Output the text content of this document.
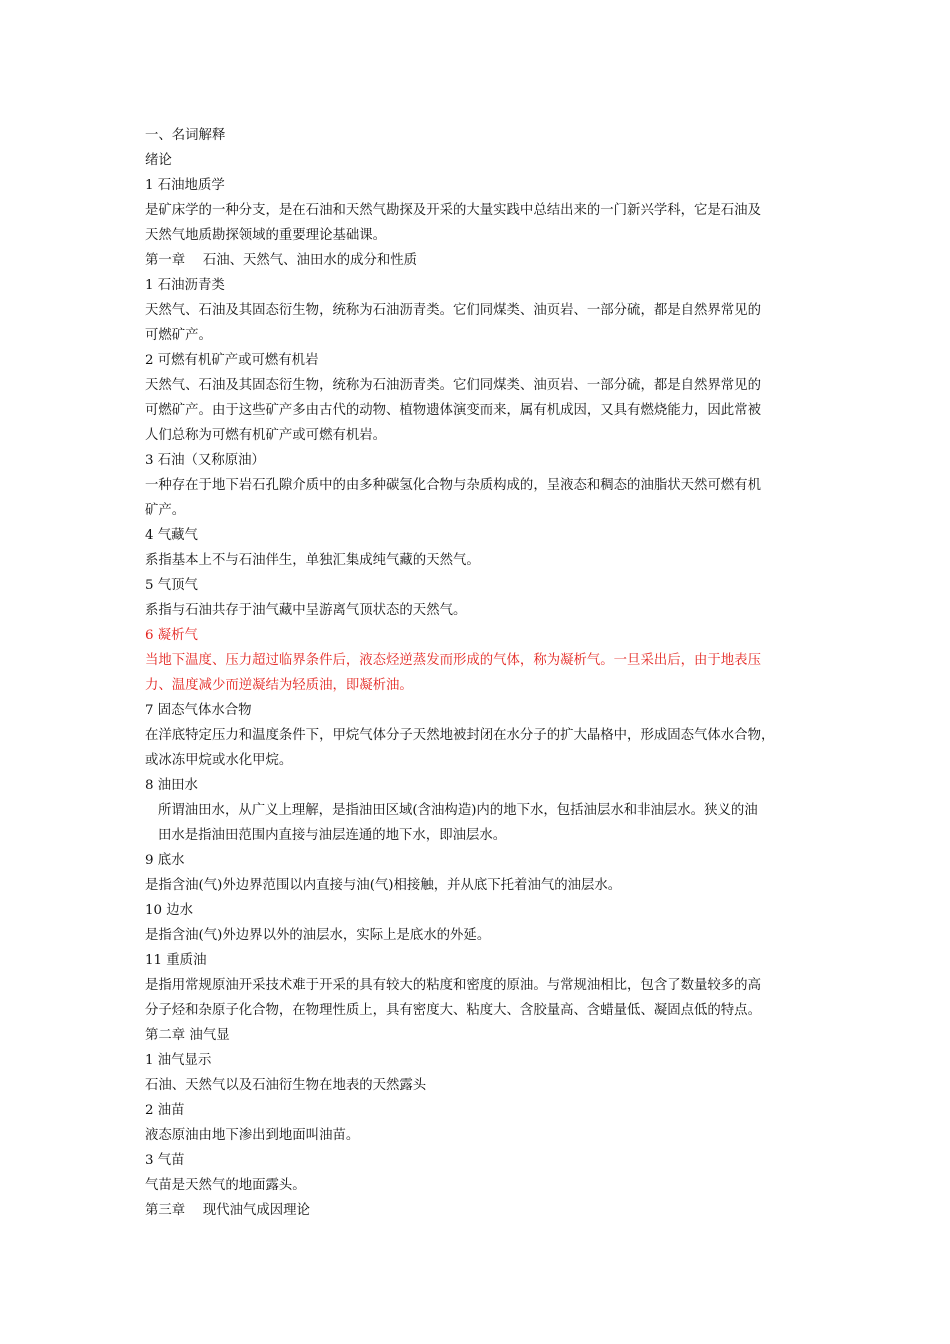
一、名词解释
绪论
1 石油地质学
是矿床学的一种分支，是在石油和天然气勘探及开采的大量实践中总结出来的一门新兴学科，它是石油及
天然气地质勘探领域的重要理论基础课。
第一章　 石油、天然气、油田水的成分和性质
1 石油沥青类
天然气、石油及其固态衍生物，统称为石油沥青类。它们同煤类、油页岩、一部分硫，都是自然界常见的
可燃矿产。
2 可燃有机矿产或可燃有机岩
天然气、石油及其固态衍生物，统称为石油沥青类。它们同煤类、油页岩、一部分硫，都是自然界常见的
可燃矿产。由于这些矿产多由古代的动物、植物遗体演变而来，属有机成因，又具有燃烧能力，因此常被
人们总称为可燃有机矿产或可燃有机岩。
3 石油（又称原油）
一种存在于地下岩石孔隙介质中的由多种碳氢化合物与杂质构成的，呈液态和稠态的油脂状天然可燃有机
矿产。
4 气藏气
系指基本上不与石油伴生，单独汇集成纯气藏的天然气。
5 气顶气
系指与石油共存于油气藏中呈游离气顶状态的天然气。
6 凝析气
当地下温度、压力超过临界条件后，液态烃逆蒸发而形成的气体，称为凝析气。一旦采出后，由于地表压
力、温度减少而逆凝结为轻质油，即凝析油。
7 固态气体水合物
在洋底特定压力和温度条件下，甲烷气体分子天然地被封闭在水分子的扩大晶格中，形成固态气体水合物，
或冰冻甲烷或水化甲烷。
8 油田水
所谓油田水，从广义上理解，是指油田区域(含油构造)内的地下水，包括油层水和非油层水。狭义的油
田水是指油田范围内直接与油层连通的地下水，即油层水。
9 底水
是指含油(气)外边界范围以内直接与油(气)相接触，并从底下托着油气的油层水。
10 边水
是指含油(气)外边界以外的油层水，实际上是底水的外延。
11 重质油
是指用常规原油开采技术难于开采的具有较大的粘度和密度的原油。与常规油相比，包含了数量较多的高
分子烃和杂原子化合物，在物理性质上，具有密度大、粘度大、含胶量高、含蜡量低、凝固点低的特点。
第二章 油气显
1 油气显示
石油、天然气以及石油衍生物在地表的天然露头
2 油苗
液态原油由地下渗出到地面叫油苗。
3 气苗
气苗是天然气的地面露头。
第三章　 现代油气成因理论
